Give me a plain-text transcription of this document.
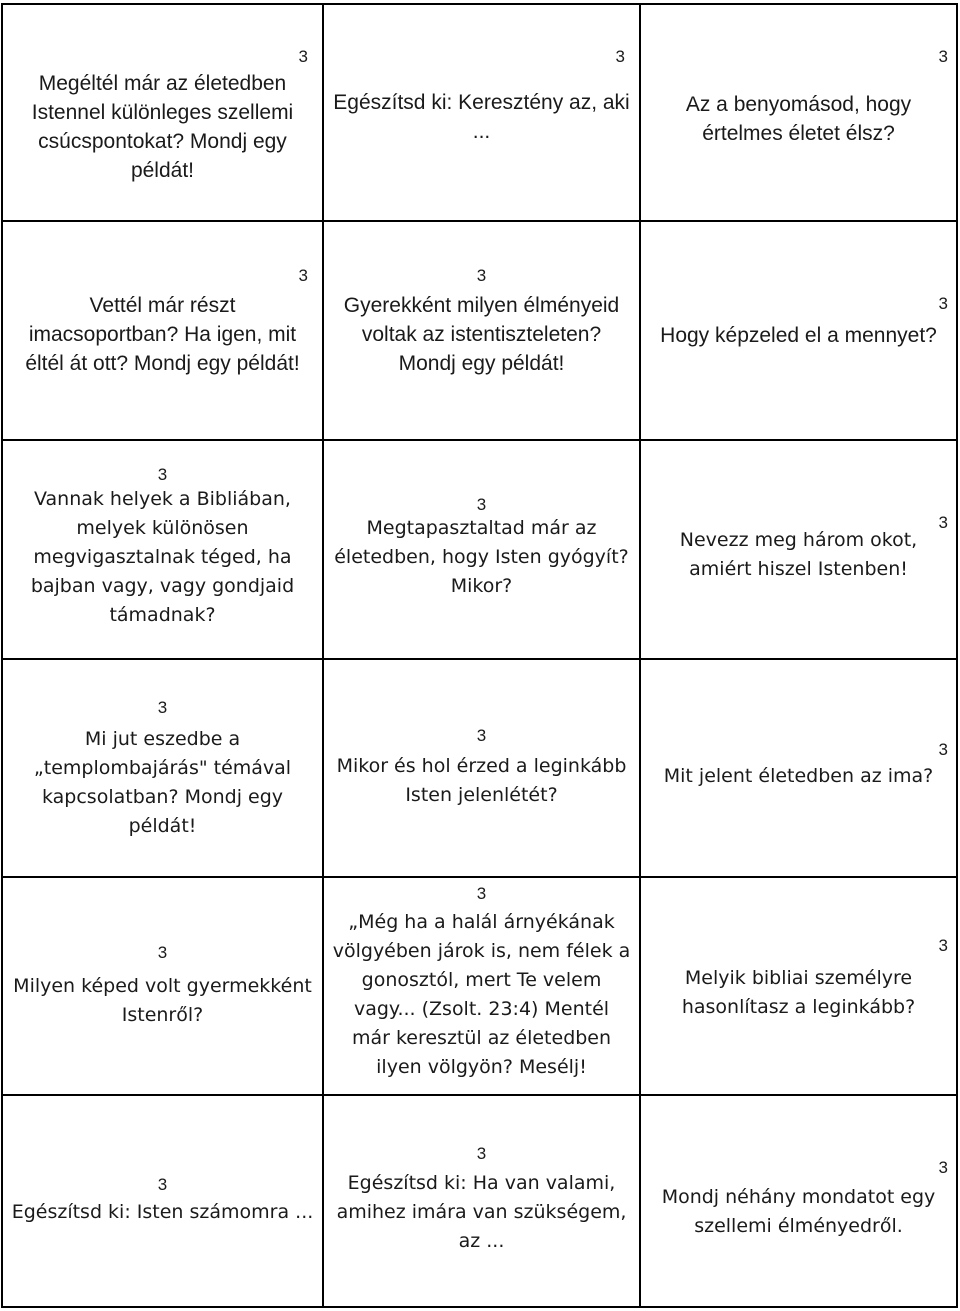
3

Megéltél már az életedben
Istennel különleges szellemi
csúcspontokat? Mondj egy
példát!

3

Egészítsd ki: Keresztény az, aki
...

3

Az a benyomásod, hogy
értelmes életet élsz?

3

Vettél már részt
imacsoportban? Ha igen, mit
éltél át ott? Mondj egy példát!

3

Gyerekként milyen élményeid
voltak az istentiszteleten?
Mondj egy példát!

3

Hogy képzeled el a mennyet?

3

Vannak helyek a Bibliában,
melyek különösen
megvigasztalnak téged, ha
bajban vagy, vagy gondjaid
támadnak?

3

Megtapasztaltad már az
életedben, hogy Isten gyógyít?
Mikor?

3

Nevezz meg három okot,
amiért hiszel Istenben!

3

Mi jut eszedbe a
„templombajárás" témával
kapcsolatban? Mondj egy
példát!

3

Mikor és hol érzed a leginkább
Isten jelenlétét?

3

Mit jelent életedben az ima?

3

Milyen képed volt gyermekként
Istenről?

3

„Még ha a halál árnyékának
völgyében járok is, nem félek a
gonosztól, mert Te velem
vagy... (Zsolt. 23:4) Mentél
már keresztül az életedben
ilyen völgyön? Mesélj!

3

Melyik bibliai személyre
hasonlítasz a leginkább?

3

Egészítsd ki: Isten számomra ...

3

Egészítsd ki: Ha van valami,
amihez imára van szükségem,
az ...

3

Mondj néhány mondatot egy
szellemi élményedről.
